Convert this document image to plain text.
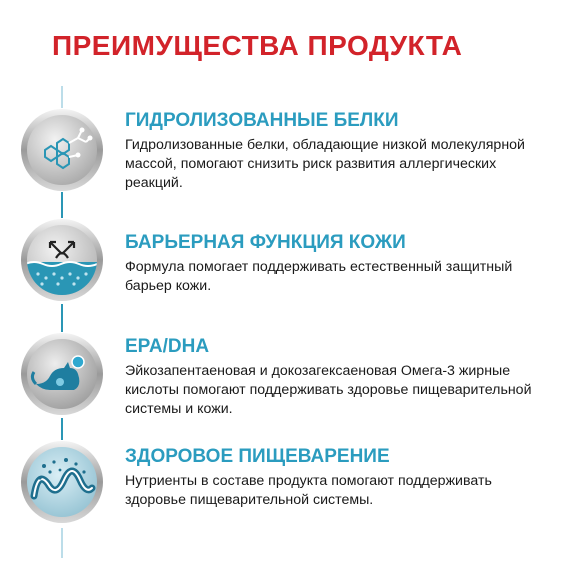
ПРЕИМУЩЕСТВА ПРОДУКТА

ГИДРОЛИЗОВАННЫЕ БЕЛКИ

Гидролизованные белки, обладающие низкой молекулярной массой, помогают снизить риск развития аллергических реакций.

БАРЬЕРНАЯ ФУНКЦИЯ КОЖИ

Формула помогает поддерживать естественный защитный барьер кожи.

EPA/DHA

Эйкозапентаеновая и докозагексаеновая Омега-3 жирные кислоты помогают поддерживать здоровье пищеварительной системы и кожи.

ЗДОРОВОЕ ПИЩЕВАРЕНИЕ

Нутриенты в составе продукта помогают поддерживать здоровье пищеварительной системы.
